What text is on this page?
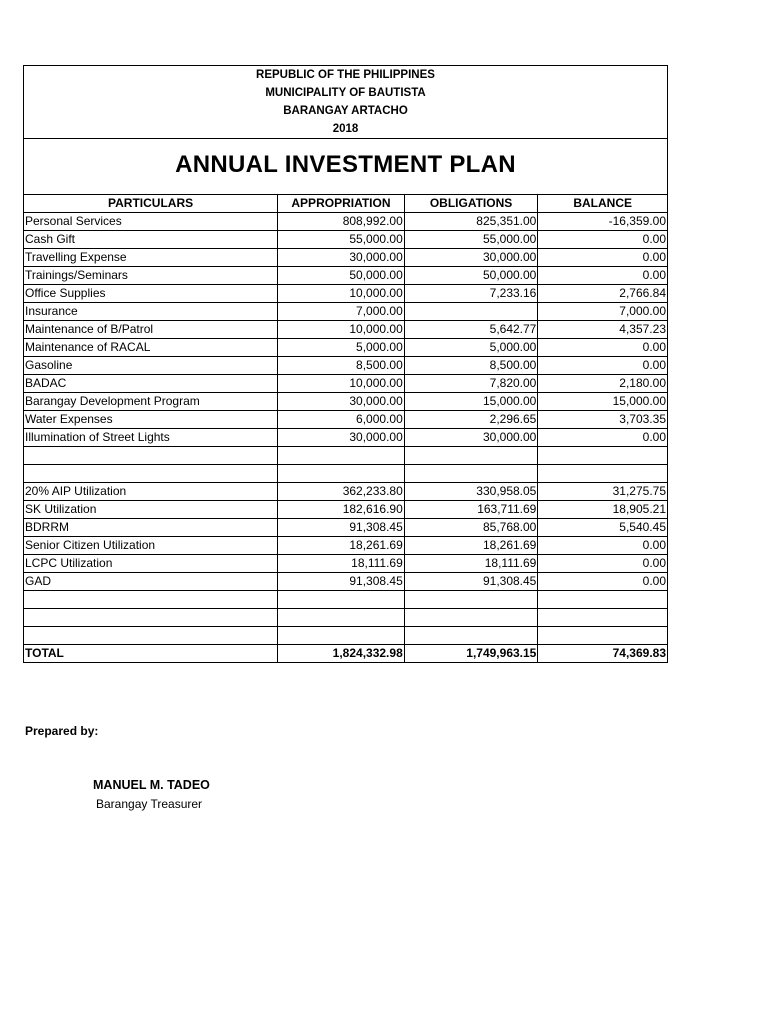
REPUBLIC OF THE PHILIPPINES
MUNICIPALITY OF BAUTISTA
BARANGAY ARTACHO
2018
ANNUAL INVESTMENT PLAN
PARTICULARS	APPROPRIATION	OBLIGATIONS	BALANCE
Personal Services	808,992.00	825,351.00	-16,359.00
Cash Gift	55,000.00	55,000.00	0.00
Travelling Expense	30,000.00	30,000.00	0.00
Trainings/Seminars	50,000.00	50,000.00	0.00
Office Supplies	10,000.00	7,233.16	2,766.84
Insurance	7,000.00		7,000.00
Maintenance of B/Patrol	10,000.00	5,642.77	4,357.23
Maintenance of RACAL	5,000.00	5,000.00	0.00
Gasoline	8,500.00	8,500.00	0.00
BADAC	10,000.00	7,820.00	2,180.00
Barangay Development Program	30,000.00	15,000.00	15,000.00
Water Expenses	6,000.00	2,296.65	3,703.35
Illumination of Street Lights	30,000.00	30,000.00	0.00

20% AIP Utilization	362,233.80	330,958.05	31,275.75
SK Utilization	182,616.90	163,711.69	18,905.21
BDRRM	91,308.45	85,768.00	5,540.45
Senior Citizen Utilization	18,261.69	18,261.69	0.00
LCPC Utilization	18,111.69	18,111.69	0.00
GAD	91,308.45	91,308.45	0.00

TOTAL	1,824,332.98	1,749,963.15	74,369.83
Prepared by:
MANUEL M. TADEO
Barangay Treasurer
